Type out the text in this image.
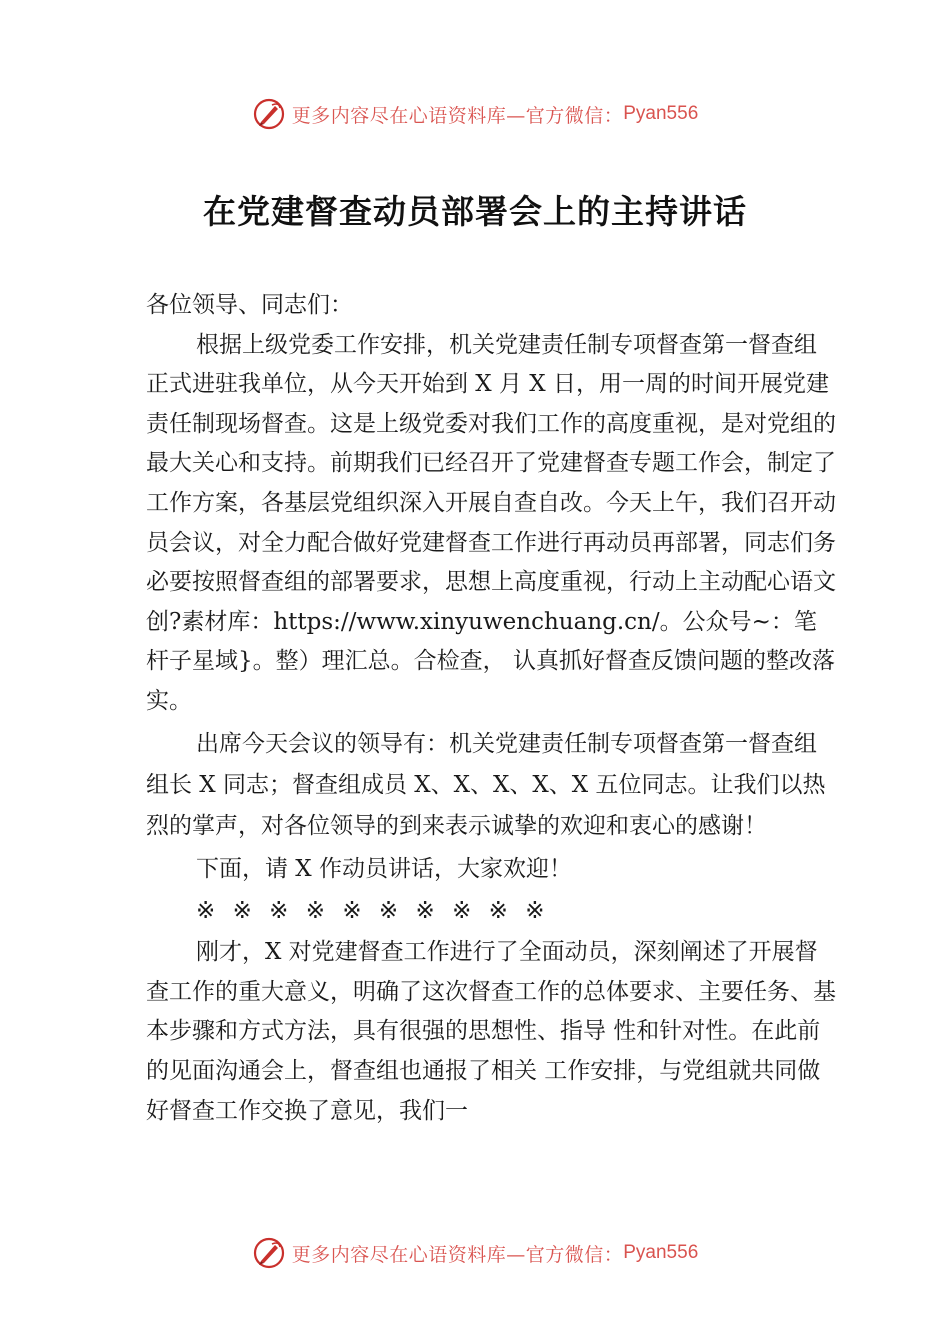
更多内容尽在心语资料库—官方微信： Pyan556
在党建督查动员部署会上的主持讲话

各位领导、同志们：

根据上级党委工作安排，机关党建责任制专项督查第一督查组正式进驻我单位，从今天开始到 X 月 X 日，用一周的时间开展党建责任制现场督查。这是上级党委对我们工作的高度重视，是对党组的最大关心和支持。前期我们已经召开了党建督查专题工作会，制定了工作方案，各基层党组织深入开展自查自改。今天上午，我们召开动员会议，对全力配合做好党建督查工作进行再动员再部署，同志们务必要按照督查组的部署要求，思想上高度重视，行动上主动配心语文创?素材库：https://www.xinyuwenchuang.cn/。公众号~：笔杆子星域}。整）理汇总。合检查， 认真抓好督查反馈问题的整改落实。

出席今天会议的领导有：机关党建责任制专项督查第一督查组组长 X 同志；督查组成员 X、X、X、X、X 五位同志。让我们以热烈的掌声，对各位领导的到来表示诚挚的欢迎和衷心的感谢！

下面，请 X 作动员讲话，大家欢迎！

※ ※ ※ ※ ※ ※ ※ ※ ※ ※

刚才，X 对党建督查工作进行了全面动员，深刻阐述了开展督查工作的重大意义，明确了这次督查工作的总体要求、主要任务、基本步骤和方式方法，具有很强的思想性、指导 性和针对性。在此前的见面沟通会上，督查组也通报了相关 工作安排，与党组就共同做好督查工作交换了意见，我们一

更多内容尽在心语资料库—官方微信： Pyan556
